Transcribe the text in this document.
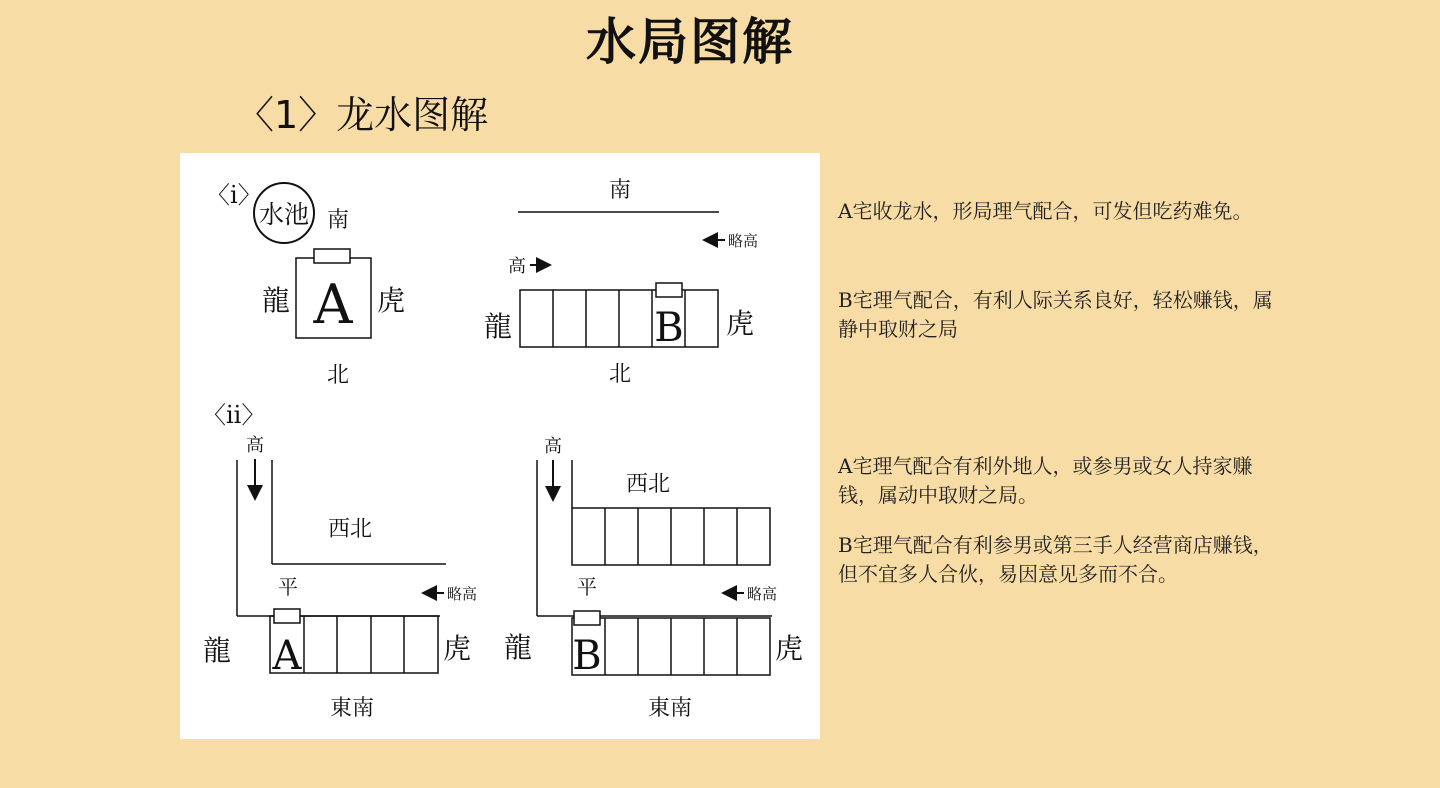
水局图解
〈1〉龙水图解
〈i〉
水池 南
A
龍	虎
北
南
略高
高
龍	B 虎
北
〈ii〉
高
西北
平	略高
A
龍	虎
東南
高
西北
平	略高
B
龍	虎
東南
A宅收龙水，形局理气配合，可发但吃药难免。
B宅理气配合，有利人际关系良好，轻松赚钱，属静中取财之局
A宅理气配合有利外地人，或参男或女人持家赚钱，属动中取财之局。
B宅理气配合有利参男或第三手人经营商店赚钱，但不宜多人合伙，易因意见多而不合。
